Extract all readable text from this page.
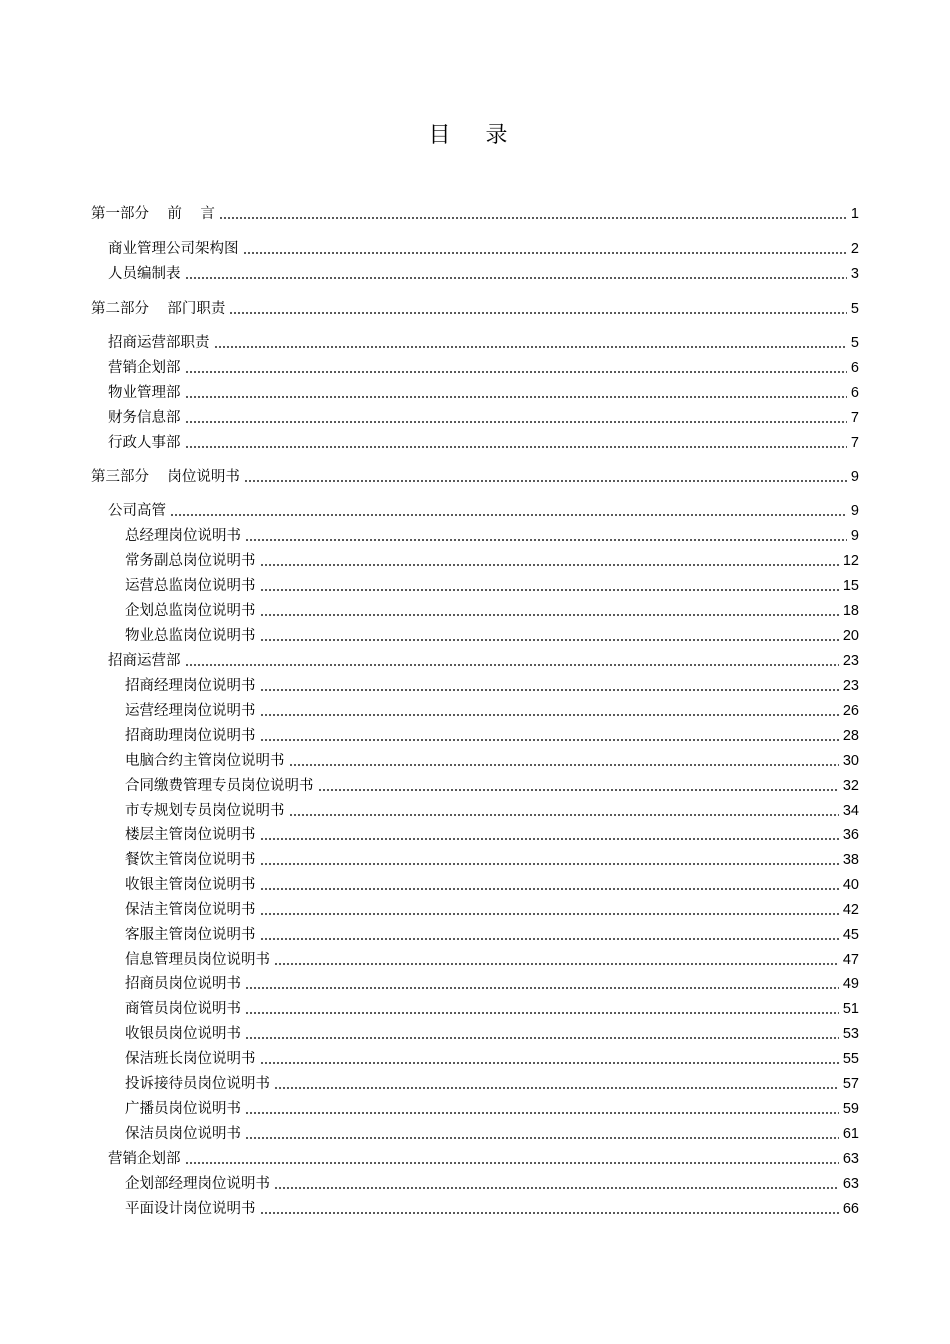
目 录
第一部分    前    言	1
商业管理公司架构图	2
人员编制表	3
第二部分    部门职责	5
招商运营部职责	5
营销企划部	6
物业管理部	6
财务信息部	7
行政人事部	7
第三部分    岗位说明书	9
公司高管	9
总经理岗位说明书	9
常务副总岗位说明书	12
运营总监岗位说明书	15
企划总监岗位说明书	18
物业总监岗位说明书	20
招商运营部	23
招商经理岗位说明书	23
运营经理岗位说明书	26
招商助理岗位说明书	28
电脑合约主管岗位说明书	30
合同缴费管理专员岗位说明书	32
市专规划专员岗位说明书	34
楼层主管岗位说明书	36
餐饮主管岗位说明书	38
收银主管岗位说明书	40
保洁主管岗位说明书	42
客服主管岗位说明书	45
信息管理员岗位说明书	47
招商员岗位说明书	49
商管员岗位说明书	51
收银员岗位说明书	53
保洁班长岗位说明书	55
投诉接待员岗位说明书	57
广播员岗位说明书	59
保洁员岗位说明书	61
营销企划部	63
企划部经理岗位说明书	63
平面设计岗位说明书	66
